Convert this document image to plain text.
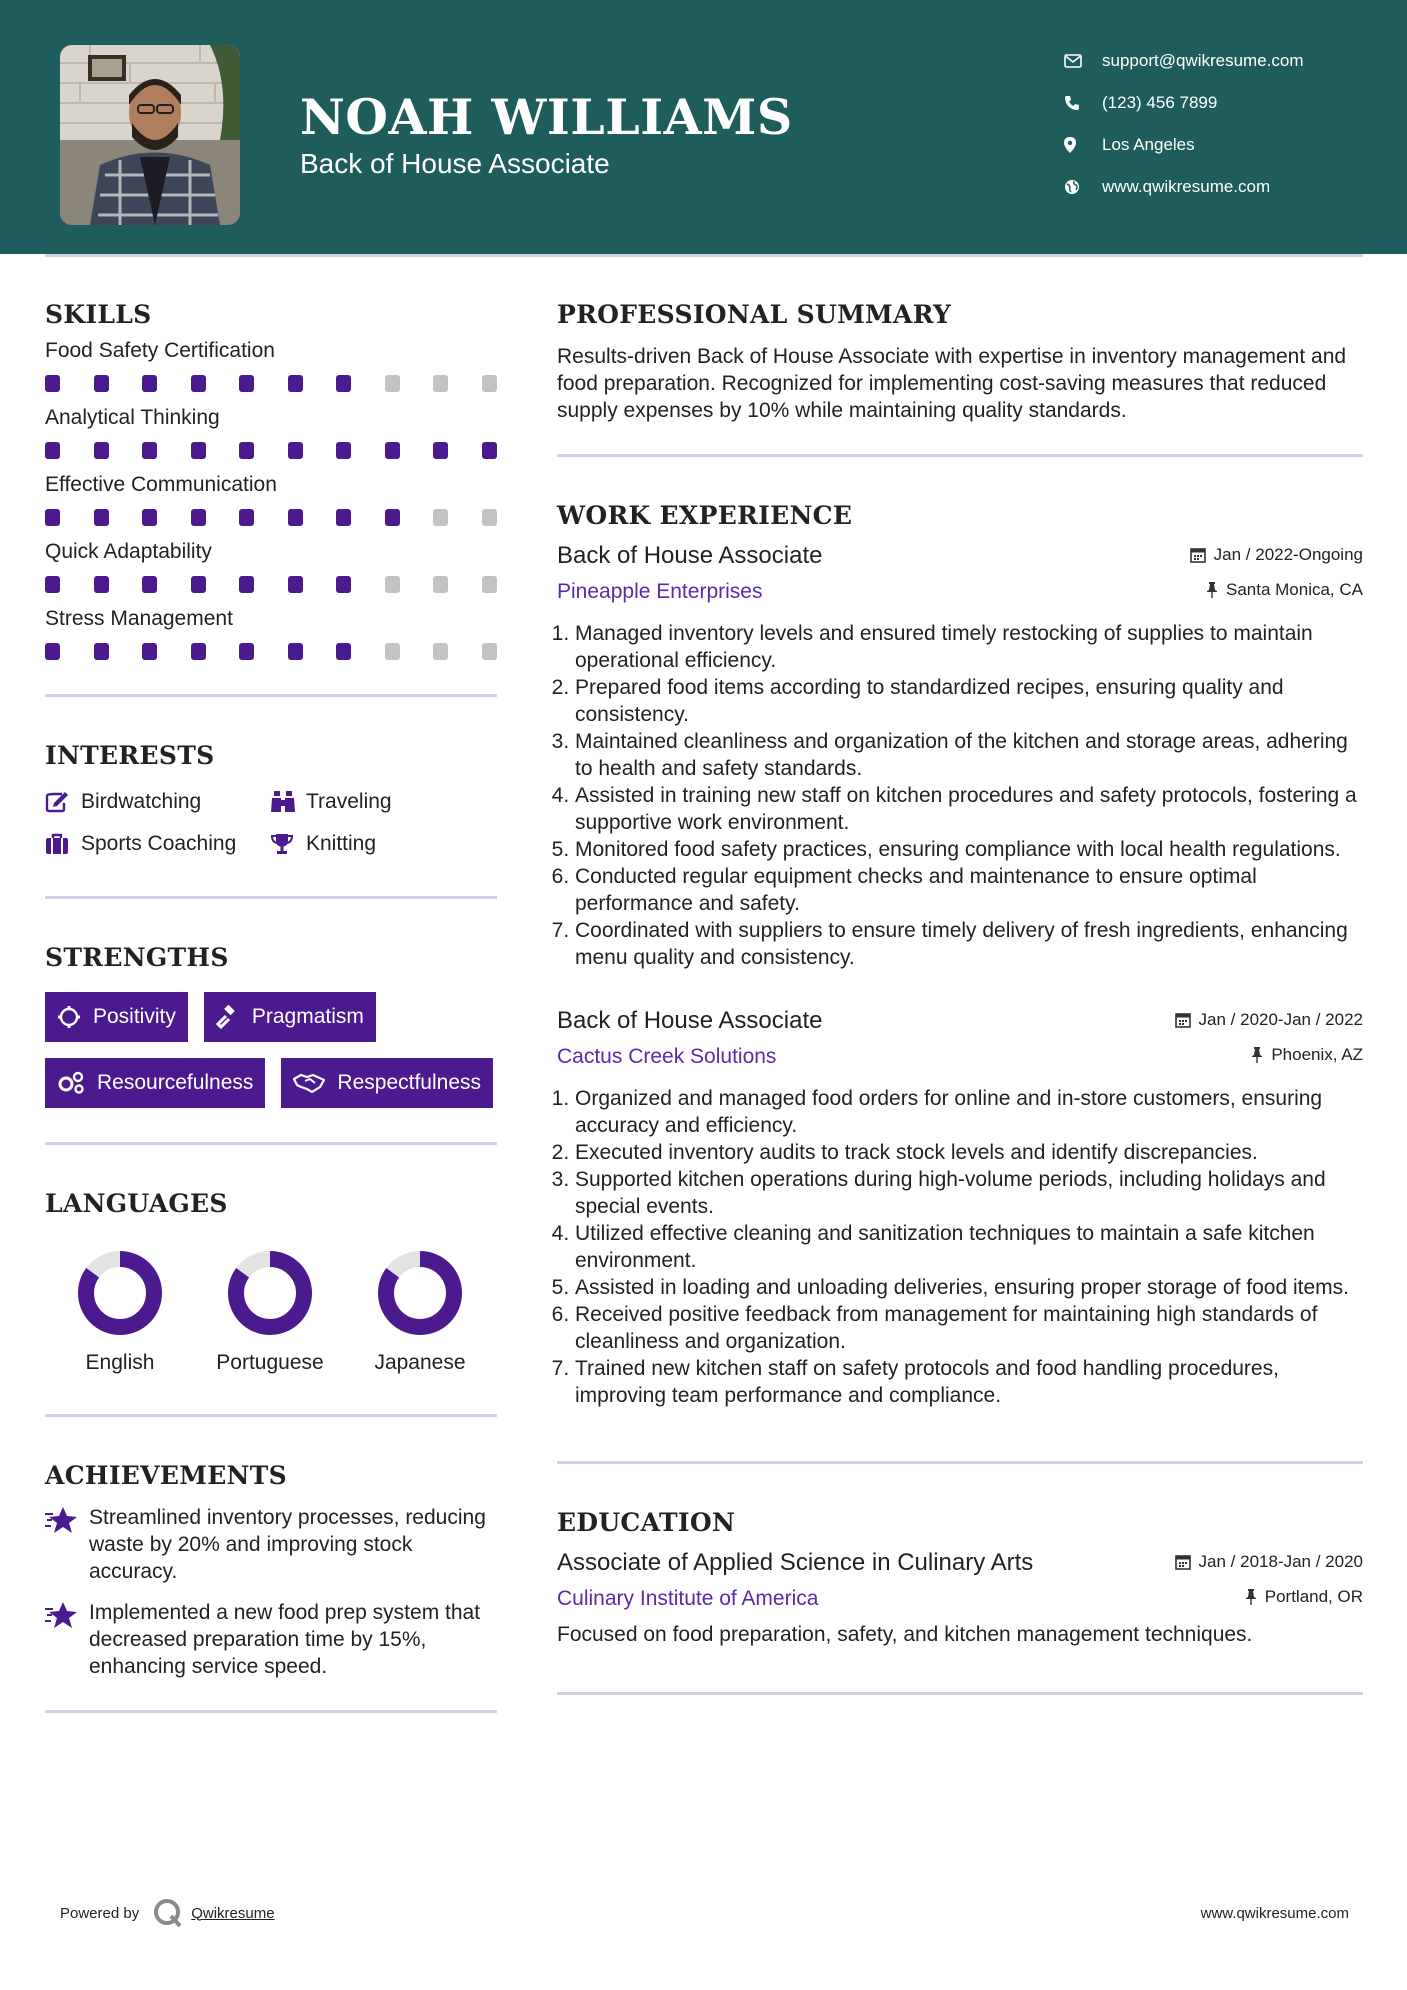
NOAH WILLIAMS
Back of House Associate
support@qwikresume.com
(123) 456 7899
Los Angeles
www.qwikresume.com
SKILLS
Food Safety Certification
Analytical Thinking
Effective Communication
Quick Adaptability
Stress Management
INTERESTS
Birdwatching	Traveling
Sports Coaching	Knitting
STRENGTHS
Positivity	Pragmatism
Resourcefulness	Respectfulness
LANGUAGES
English	Portuguese	Japanese
ACHIEVEMENTS
Streamlined inventory processes, reducing waste by 20% and improving stock accuracy.
Implemented a new food prep system that decreased preparation time by 15%, enhancing service speed.
PROFESSIONAL SUMMARY
Results-driven Back of House Associate with expertise in inventory management and food preparation. Recognized for implementing cost-saving measures that reduced supply expenses by 10% while maintaining quality standards.
WORK EXPERIENCE
Back of House Associate	Jan / 2022-Ongoing
Pineapple Enterprises	Santa Monica, CA
1. Managed inventory levels and ensured timely restocking of supplies to maintain operational efficiency.
2. Prepared food items according to standardized recipes, ensuring quality and consistency.
3. Maintained cleanliness and organization of the kitchen and storage areas, adhering to health and safety standards.
4. Assisted in training new staff on kitchen procedures and safety protocols, fostering a supportive work environment.
5. Monitored food safety practices, ensuring compliance with local health regulations.
6. Conducted regular equipment checks and maintenance to ensure optimal performance and safety.
7. Coordinated with suppliers to ensure timely delivery of fresh ingredients, enhancing menu quality and consistency.
Back of House Associate	Jan / 2020-Jan / 2022
Cactus Creek Solutions	Phoenix, AZ
1. Organized and managed food orders for online and in-store customers, ensuring accuracy and efficiency.
2. Executed inventory audits to track stock levels and identify discrepancies.
3. Supported kitchen operations during high-volume periods, including holidays and special events.
4. Utilized effective cleaning and sanitization techniques to maintain a safe kitchen environment.
5. Assisted in loading and unloading deliveries, ensuring proper storage of food items.
6. Received positive feedback from management for maintaining high standards of cleanliness and organization.
7. Trained new kitchen staff on safety protocols and food handling procedures, improving team performance and compliance.
EDUCATION
Associate of Applied Science in Culinary Arts	Jan / 2018-Jan / 2020
Culinary Institute of America	Portland, OR
Focused on food preparation, safety, and kitchen management techniques.
Powered by	Qwikresume	www.qwikresume.com
